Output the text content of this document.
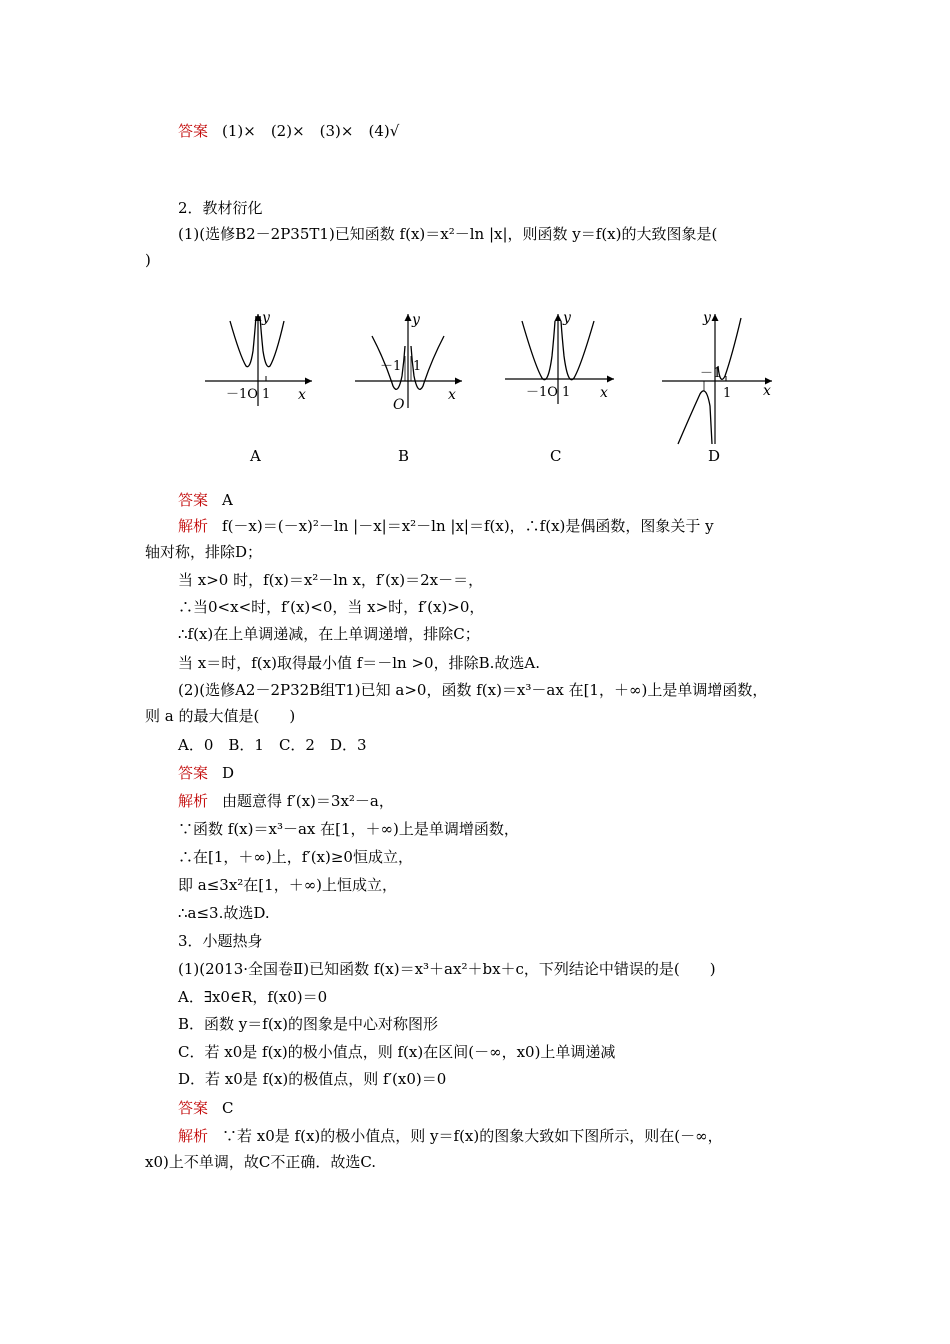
答案 (1)×　(2)×　(3)×　(4)√
2．教材衍化
(1)(选修B2－2P35T1)已知函数 f(x)＝x²－ln |x|，则函数 y＝f(x)的大致图象是(
)
y
x
－1O 1
A
y
x
－1 1
O
B
y
x
－1O 1
C
y
x
－1
1
D
答案 A
解析 f(－x)＝(－x)²－ln |－x|＝x²－ln |x|＝f(x)，∴f(x)是偶函数，图象关于 y
轴对称，排除D；
当 x>0 时，f(x)＝x²－ln x，f′(x)＝2x－＝，
∴当0<x<时，f′(x)<0，当 x>时，f′(x)>0，
∴f(x)在上单调递减，在上单调递增，排除C；
当 x＝时，f(x)取得最小值 f＝－ln >0，排除B.故选A.
(2)(选修A2－2P32B组T1)已知 a>0，函数 f(x)＝x³－ax 在[1，＋∞)上是单调增函数，
则 a 的最大值是(　　)
A．0　B．1　C．2　D．3
答案 D
解析 由题意得 f′(x)＝3x²－a，
∵函数 f(x)＝x³－ax 在[1，＋∞)上是单调增函数，
∴在[1，＋∞)上，f′(x)≥0恒成立，
即 a≤3x²在[1，＋∞)上恒成立，
∴a≤3.故选D.
3．小题热身
(1)(2013·全国卷Ⅱ)已知函数 f(x)＝x³＋ax²＋bx＋c，下列结论中错误的是(　　)
A．∃x0∈R，f(x0)＝0
B．函数 y＝f(x)的图象是中心对称图形
C．若 x0是 f(x)的极小值点，则 f(x)在区间(－∞，x0)上单调递减
D．若 x0是 f(x)的极值点，则 f′(x0)＝0
答案 C
解析 ∵若 x0是 f(x)的极小值点，则 y＝f(x)的图象大致如下图所示，则在(－∞，
x0)上不单调，故C不正确．故选C.
